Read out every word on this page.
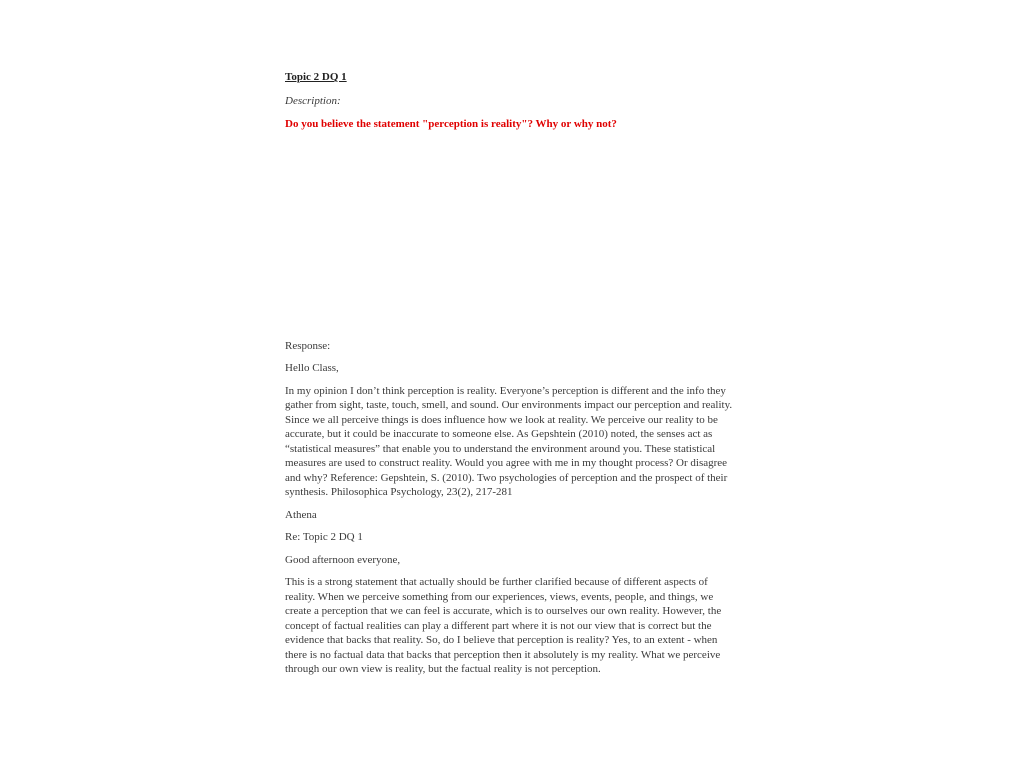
Topic 2 DQ 1
Description:
Do you believe the statement "perception is reality"? Why or why not?

Response:

Hello Class,

In my opinion I don’t think perception is reality. Everyone’s perception is different and the info they gather from sight, taste, touch, smell, and sound. Our environments impact our perception and reality. Since we all perceive things is does influence how we look at reality. We perceive our reality to be accurate, but it could be inaccurate to someone else. As Gepshtein (2010) noted, the senses act as “statistical measures” that enable you to understand the environment around you. These statistical measures are used to construct reality. Would you agree with me in my thought process? Or disagree and why? Reference: Gepshtein, S. (2010). Two psychologies of perception and the prospect of their synthesis. Philosophica Psychology, 23(2), 217-281

Athena

Re: Topic 2 DQ 1

Good afternoon everyone,

This is a strong statement that actually should be further clarified because of different aspects of reality. When we perceive something from our experiences, views, events, people, and things, we create a perception that we can feel is accurate, which is to ourselves our own reality. However, the concept of factual realities can play a different part where it is not our view that is correct but the evidence that backs that reality. So, do I believe that perception is reality? Yes, to an extent - when there is no factual data that backs that perception then it absolutely is my reality. What we perceive through our own view is reality, but the factual reality is not perception.
